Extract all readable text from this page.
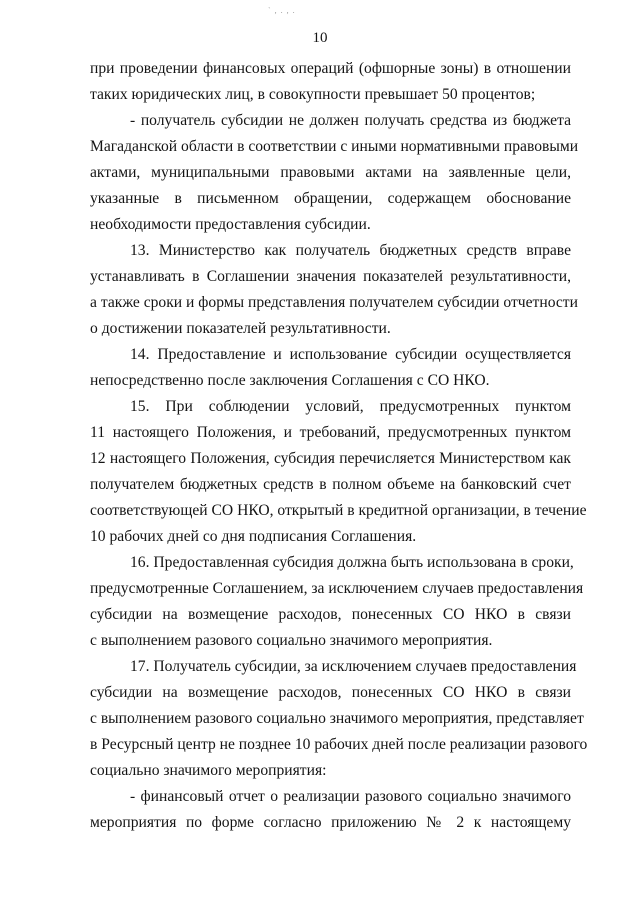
` , . , .
10
при проведении финансовых операций (офшорные зоны) в отношении
таких юридических лиц, в совокупности превышает 50 процентов;
- получатель субсидии не должен получать средства из бюджета
Магаданской области в соответствии с иными нормативными правовыми
актами, муниципальными правовыми актами на заявленные цели,
указанные в письменном обращении, содержащем обоснование
необходимости предоставления субсидии.
13. Министерство как получатель бюджетных средств вправе
устанавливать в Соглашении значения показателей результативности,
а также сроки и формы представления получателем субсидии отчетности
о достижении показателей результативности.
14. Предоставление и использование субсидии осуществляется
непосредственно после заключения Соглашения с СО НКО.
15. При соблюдении условий, предусмотренных пунктом
11 настоящего Положения, и требований, предусмотренных пунктом
12 настоящего Положения, субсидия перечисляется Министерством как
получателем бюджетных средств в полном объеме на банковский счет
соответствующей СО НКО, открытый в кредитной организации, в течение
10 рабочих дней со дня подписания Соглашения.
16. Предоставленная субсидия должна быть использована в сроки,
предусмотренные Соглашением, за исключением случаев предоставления
субсидии на возмещение расходов, понесенных СО НКО в связи
с выполнением разового социально значимого мероприятия.
17. Получатель субсидии, за исключением случаев предоставления
субсидии на возмещение расходов, понесенных СО НКО в связи
с выполнением разового социально значимого мероприятия, представляет
в Ресурсный центр не позднее 10 рабочих дней после реализации разового
социально значимого мероприятия:
- финансовый отчет о реализации разового социально значимого
мероприятия по форме согласно приложению № 2 к настоящему
